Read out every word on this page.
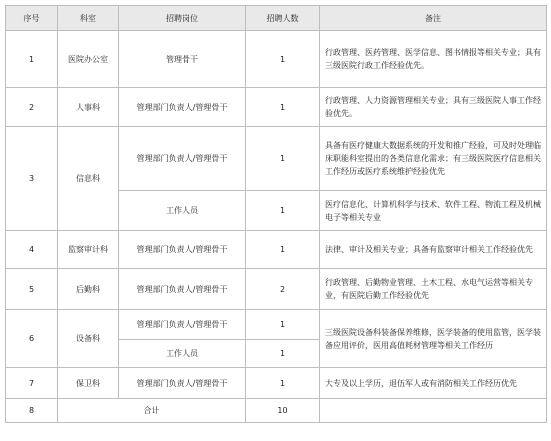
序号	科室	招聘岗位	招聘人数	备注
1	医院办公室	管理骨干	1	行政管理、医药管理、医学信息、图书情报等相关专业；具有三级医院行政工作经验优先。
2	人事科	管理部门负责人/管理骨干	1	行政管理、人力资源管理相关专业；具有三级医院人事工作经验优先。
3	信息科	管理部门负责人/管理骨干	1	具备有医疗健康大数据系统的开发和推广经验，可及时处理临床职能科室提出的各类信息化需求；有三级医院医疗信息相关工作经历或医疗系统维护经验优先
		工作人员	1	医疗信息化、计算机科学与技术、软件工程、物流工程及机械电子等相关专业
4	监察审计科	管理部门负责人/管理骨干	1	法律、审计及相关专业；具备有监察审计相关工作经验优先
5	后勤科	管理部门负责人/管理骨干	2	行政管理、后勤物业管理、土木工程、水电气运营等相关专业，有医院后勤工作经验优先
6	设备科	管理部门负责人/管理骨干	1	三级医院设备科装备保养维修，医学装备的使用监管，医学装备应用评价，医用高值耗材管理等相关工作经历
		工作人员	1	
7	保卫科	管理部门负责人/管理骨干	1	大专及以上学历，退伍军人或有消防相关工作经历优先
8	合计		10	
